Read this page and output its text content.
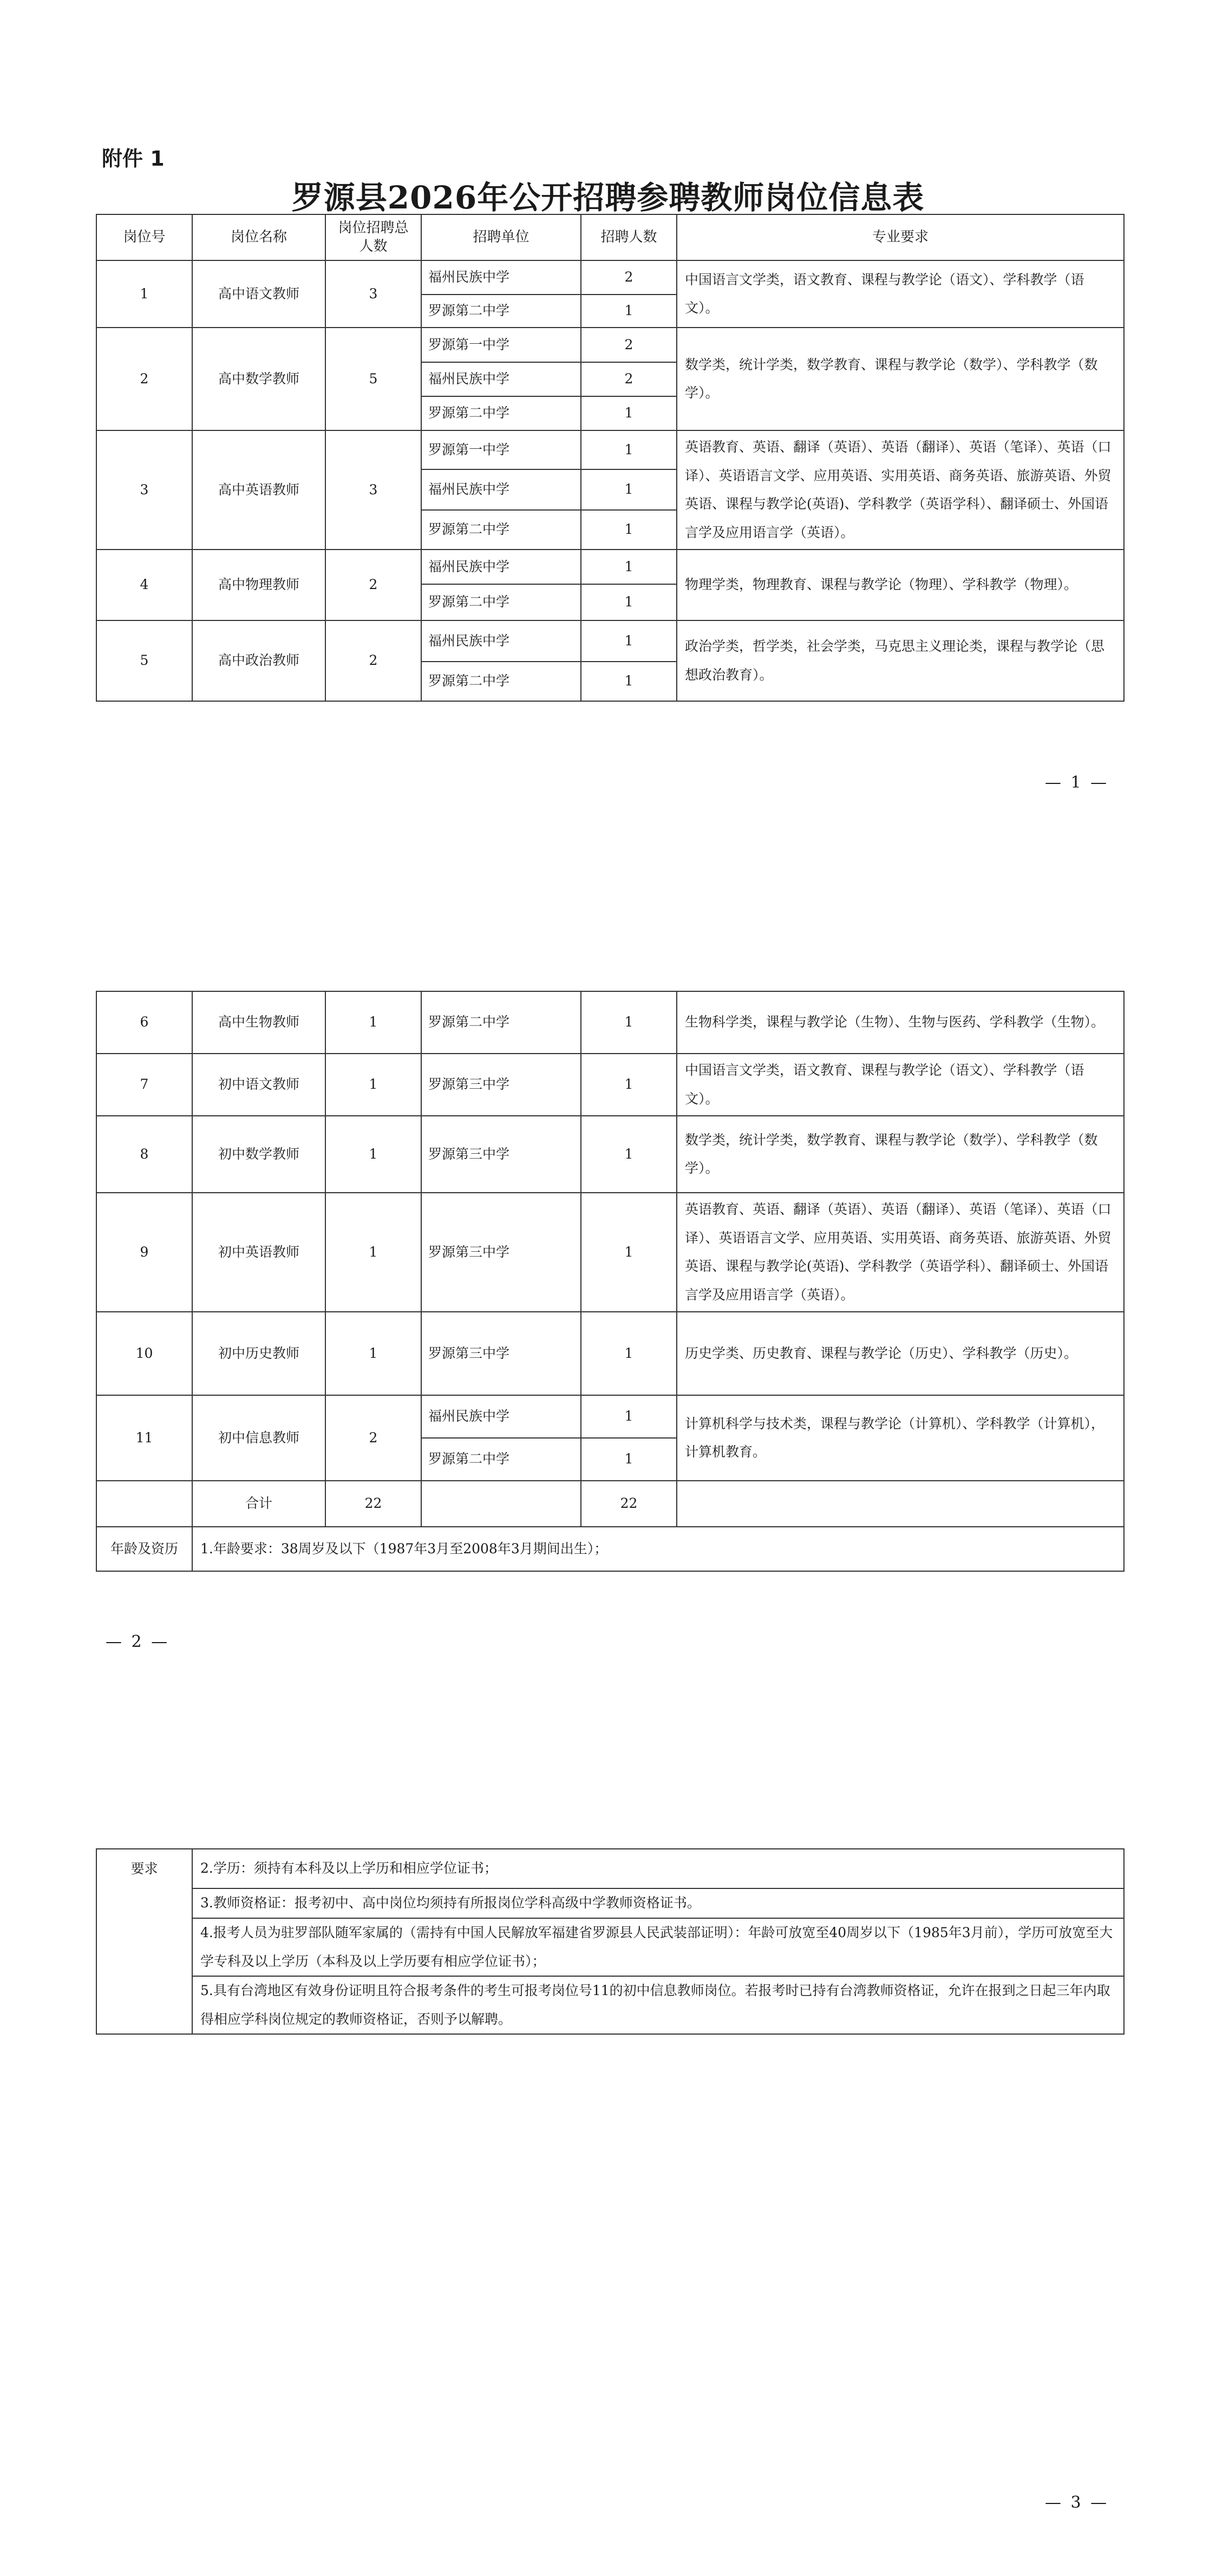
附件 1
罗源县2026年公开招聘参聘教师岗位信息表
岗位号	岗位名称	岗位招聘总人数	招聘单位	招聘人数	专业要求
1	高中语文教师	3	福州民族中学	2	中国语言文学类，语文教育、课程与教学论（语文）、学科教学（语文）。
			罗源第二中学	1	
2	高中数学教师	5	罗源第一中学	2	数学类，统计学类，数学教育、课程与教学论（数学）、学科教学（数学）。
			福州民族中学	2	
			罗源第二中学	1	
3	高中英语教师	3	罗源第一中学	1	英语教育、英语、翻译（英语）、英语（翻译）、英语（笔译）、英语（口译）、英语语言文学、应用英语、实用英语、商务英语、旅游英语、外贸英语、课程与教学论(英语)、学科教学（英语学科）、翻译硕士、外国语言学及应用语言学（英语）。
			福州民族中学	1	
			罗源第二中学	1	
4	高中物理教师	2	福州民族中学	1	物理学类，物理教育、课程与教学论（物理）、学科教学（物理）。
			罗源第二中学	1	
5	高中政治教师	2	福州民族中学	1	政治学类，哲学类，社会学类，马克思主义理论类，课程与教学论（思想政治教育）。
			罗源第二中学	1	
— 1 —
6	高中生物教师	1	罗源第二中学	1	生物科学类，课程与教学论（生物）、生物与医药、学科教学（生物）。
7	初中语文教师	1	罗源第三中学	1	中国语言文学类，语文教育、课程与教学论（语文）、学科教学（语文）。
8	初中数学教师	1	罗源第三中学	1	数学类，统计学类，数学教育、课程与教学论（数学）、学科教学（数学）。
9	初中英语教师	1	罗源第三中学	1	英语教育、英语、翻译（英语）、英语（翻译）、英语（笔译）、英语（口译）、英语语言文学、应用英语、实用英语、商务英语、旅游英语、外贸英语、课程与教学论(英语)、学科教学（英语学科）、翻译硕士、外国语言学及应用语言学（英语）。
10	初中历史教师	1	罗源第三中学	1	历史学类、历史教育、课程与教学论（历史）、学科教学（历史）。
11	初中信息教师	2	福州民族中学	1	计算机科学与技术类，课程与教学论（计算机）、学科教学（计算机），计算机教育。
			罗源第二中学	1	
	合计	22		22	
年龄及资历	1.年龄要求：38周岁及以下（1987年3月至2008年3月期间出生）；				
— 2 —
要求	2.学历：须持有本科及以上学历和相应学位证书；
3.教师资格证：报考初中、高中岗位均须持有所报岗位学科高级中学教师资格证书。
4.报考人员为驻罗部队随军家属的（需持有中国人民解放军福建省罗源县人民武装部证明）：年龄可放宽至40周岁以下（1985年3月前），学历可放宽至大学专科及以上学历（本科及以上学历要有相应学位证书）；
5.具有台湾地区有效身份证明且符合报考条件的考生可报考岗位号11的初中信息教师岗位。若报考时已持有台湾教师资格证，允许在报到之日起三年内取得相应学科岗位规定的教师资格证，否则予以解聘。
— 3 —
